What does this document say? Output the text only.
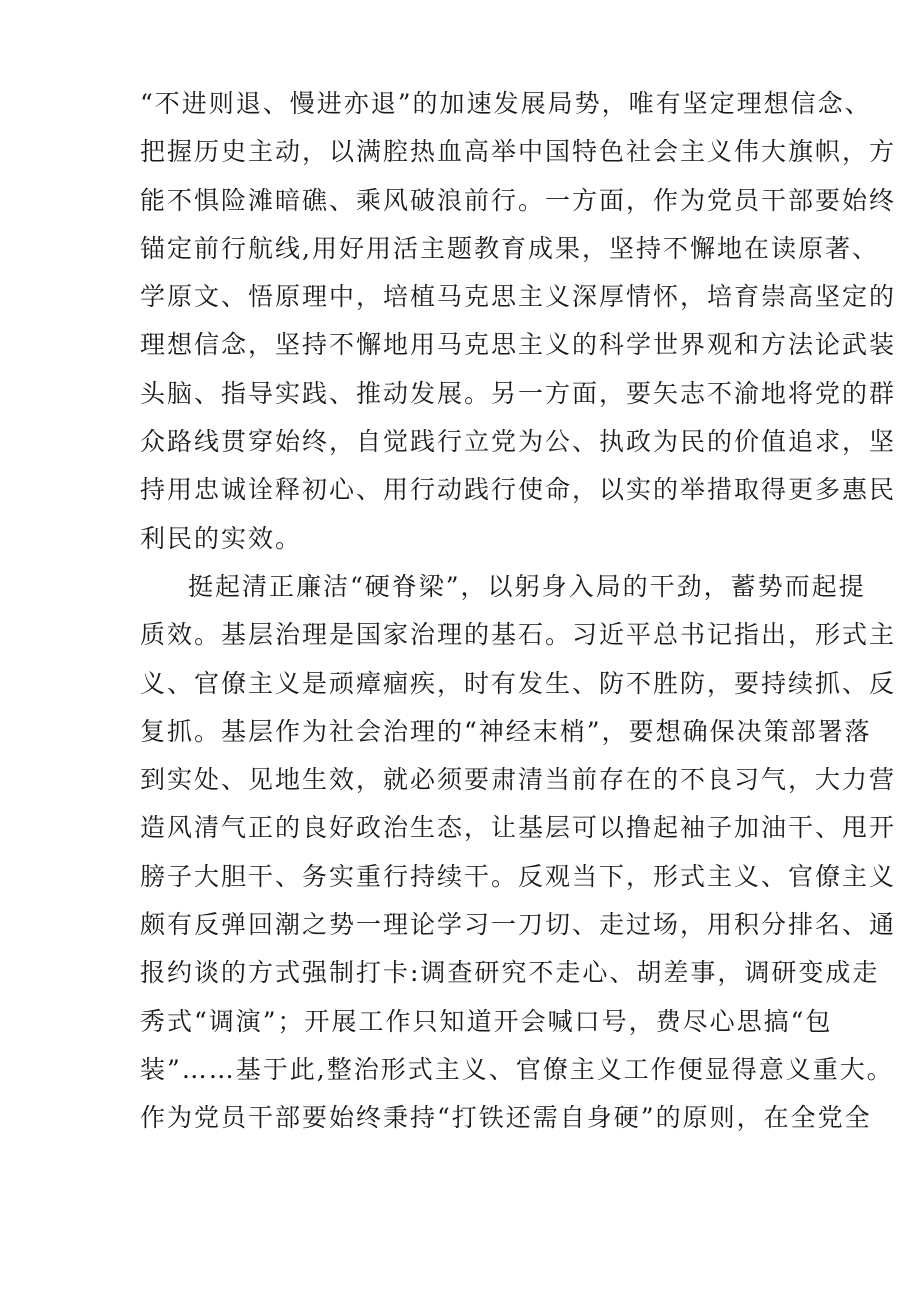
“不进则退、慢进亦退”的加速发展局势，唯有坚定理想信念、
把握历史主动，以满腔热血高举中国特色社会主义伟大旗帜，方
能不惧险滩暗礁、乘风破浪前行。一方面，作为党员干部要始终
锚定前行航线,用好用活主题教育成果，坚持不懈地在读原著、
学原文、悟原理中，培植马克思主义深厚情怀，培育崇高坚定的
理想信念，坚持不懈地用马克思主义的科学世界观和方法论武装
头脑、指导实践、推动发展。另一方面，要矢志不渝地将党的群
众路线贯穿始终，自觉践行立党为公、执政为民的价值追求，坚
持用忠诚诠释初心、用行动践行使命，以实的举措取得更多惠民
利民的实效。
挺起清正廉洁“硬脊梁”，以躬身入局的干劲，蓄势而起提
质效。基层治理是国家治理的基石。习近平总书记指出，形式主
义、官僚主义是顽瘴痼疾，时有发生、防不胜防，要持续抓、反
复抓。基层作为社会治理的“神经末梢”，要想确保决策部署落
到实处、见地生效，就必须要肃清当前存在的不良习气，大力营
造风清气正的良好政治生态，让基层可以撸起袖子加油干、甩开
膀子大胆干、务实重行持续干。反观当下，形式主义、官僚主义
颇有反弹回潮之势一理论学习一刀切、走过场，用积分排名、通
报约谈的方式强制打卡:调查研究不走心、胡差事，调研变成走
秀式“调演”；开展工作只知道开会喊口号，费尽心思搞“包
装”……基于此,整治形式主义、官僚主义工作便显得意义重大。
作为党员干部要始终秉持“打铁还需自身硬”的原则，在全党全
